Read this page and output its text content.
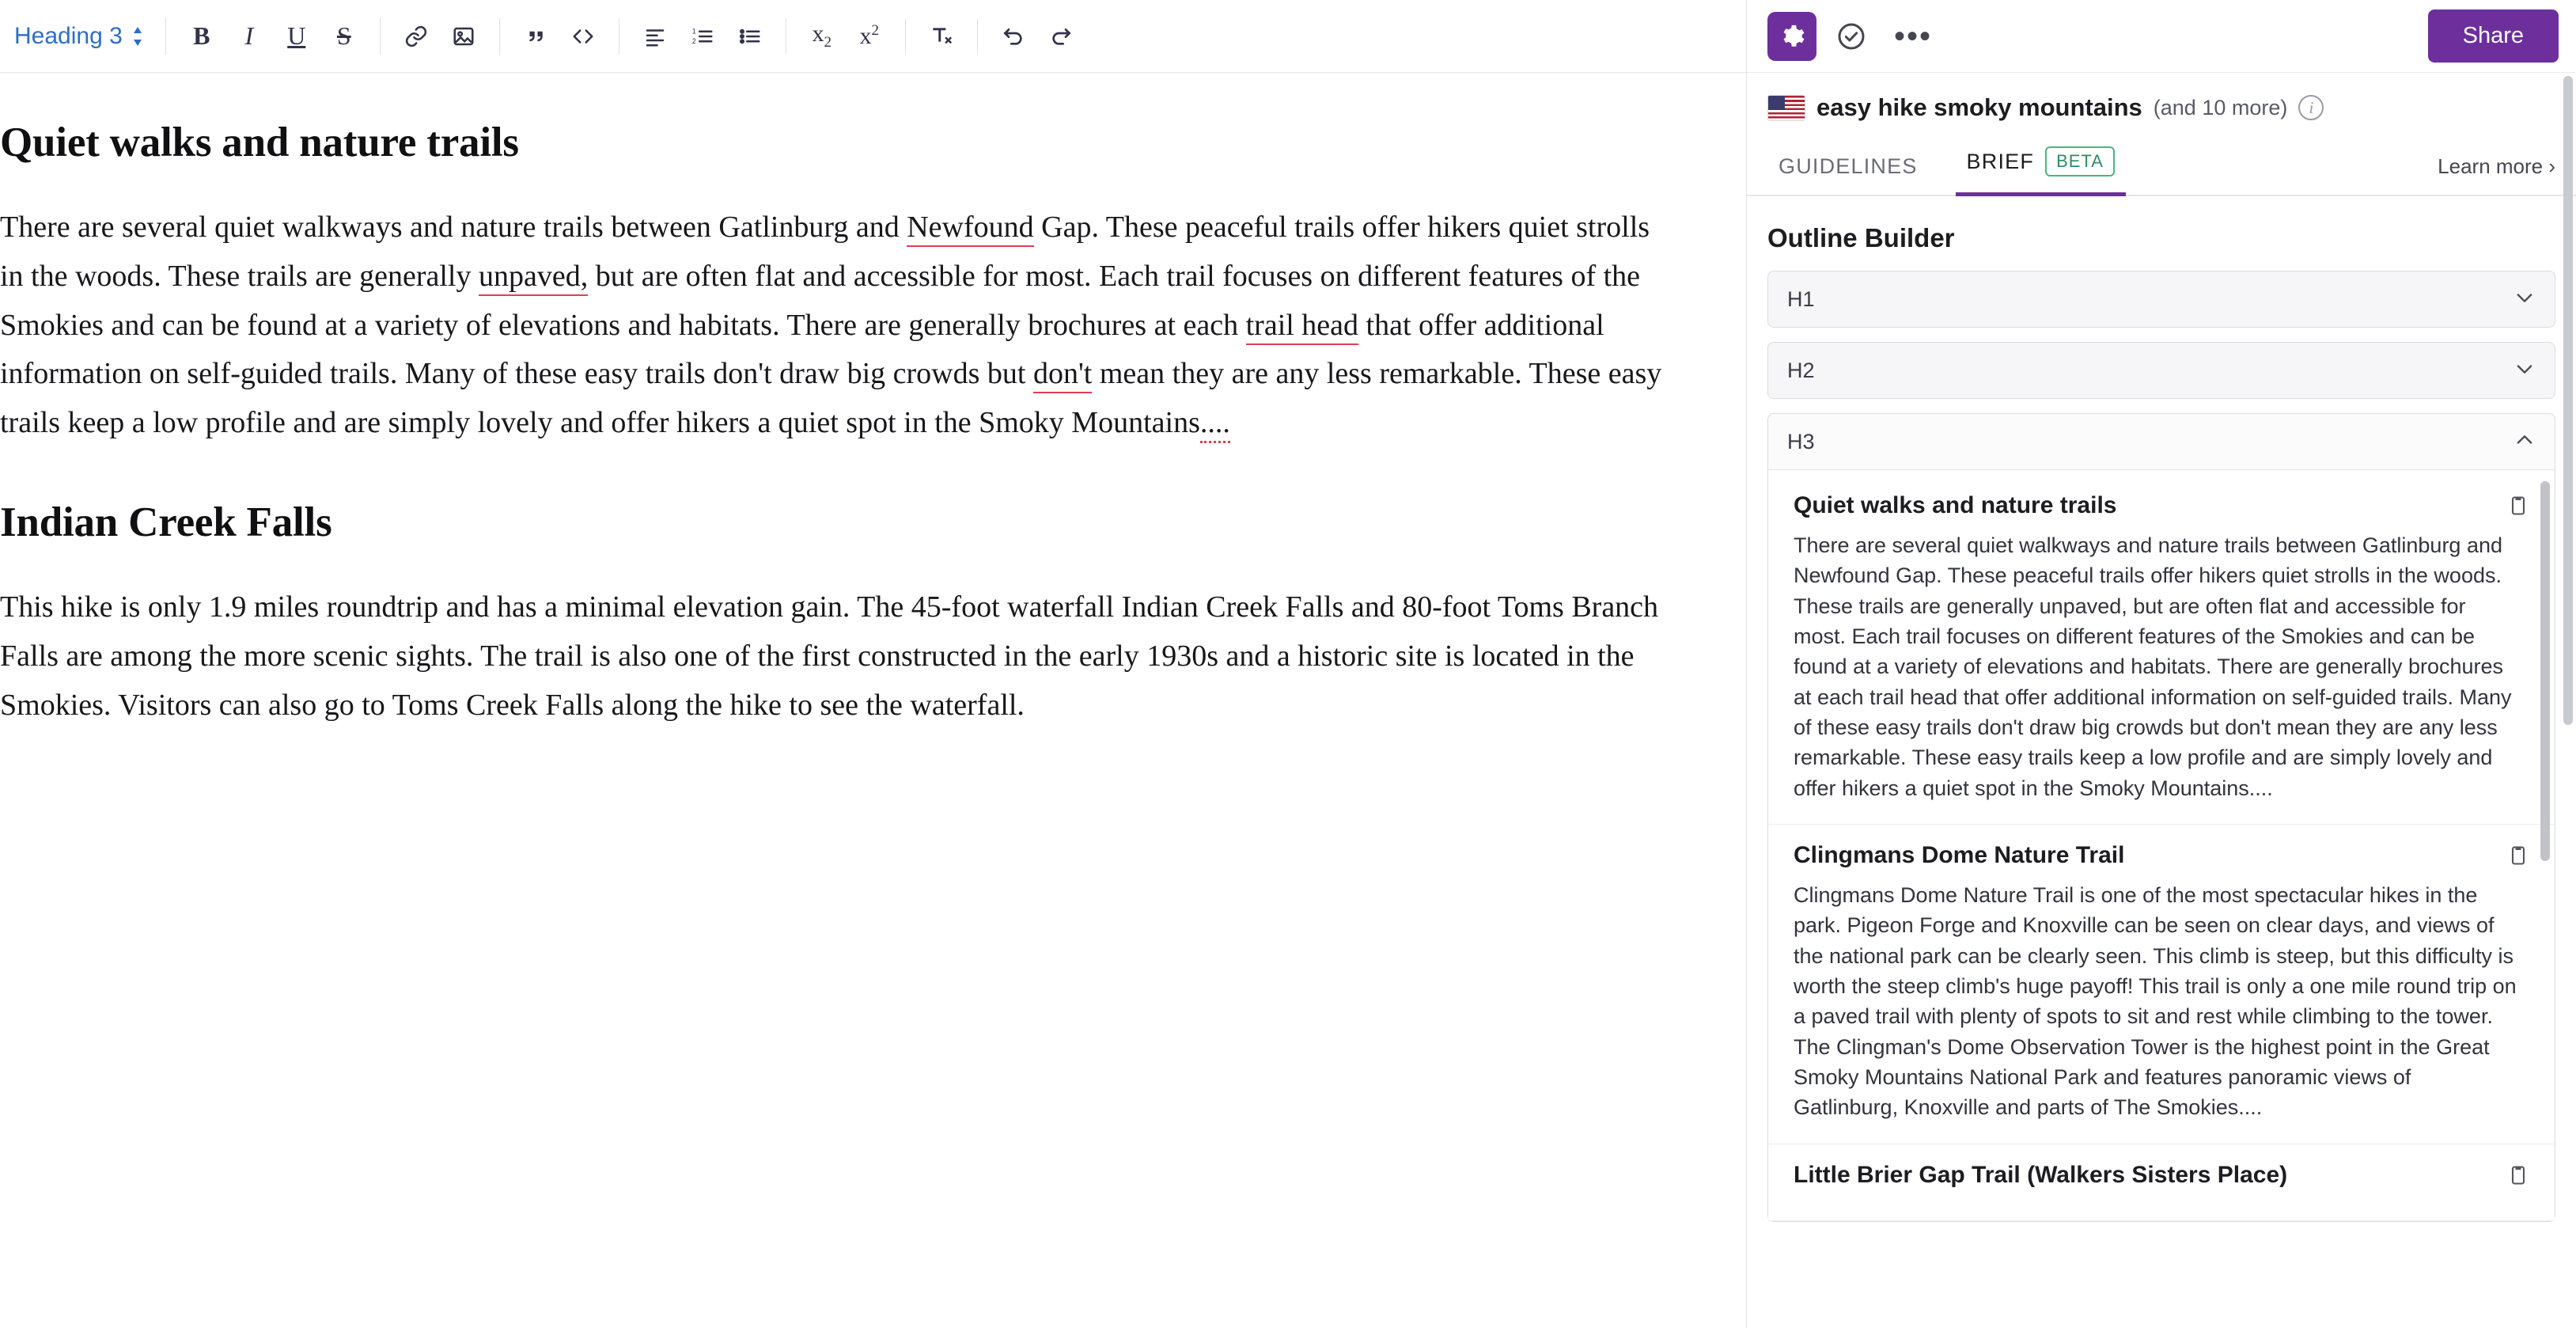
Heading 3	B I U S	1
2	$x_2$ $x^2$
Quiet walks and nature trails

There are several quiet walkways and nature trails between Gatlinburg and Newfound Gap. These peaceful trails offer hikers quiet strolls in the woods. These trails are generally unpaved, but are often flat and accessible for most. Each trail focuses on different features of the Smokies and can be found at a variety of elevations and habitats. There are generally brochures at each trail head that offer additional information on self-guided trails. Many of these easy trails don't draw big crowds but don't mean they are any less remarkable. These easy trails keep a low profile and are simply lovely and offer hikers a quiet spot in the Smoky Mountains....

Indian Creek Falls

This hike is only 1.9 miles roundtrip and has a minimal elevation gain. The 45-foot waterfall Indian Creek Falls and 80-foot Toms Branch Falls are among the more scenic sights. The trail is also one of the first constructed in the early 1930s and a historic site is located in the Smokies. Visitors can also go to Toms Creek Falls along the hike to see the waterfall.

•••	Share
easy hike smoky mountains (and 10 more)	i
GUIDELINES BRIEF	BETA	Learn more ›
Outline Builder
H1
H2
H3
Quiet walks and nature trails
There are several quiet walkways and nature trails between Gatlinburg and Newfound Gap. These peaceful trails offer hikers quiet strolls in the woods. These trails are generally unpaved, but are often flat and accessible for most. Each trail focuses on different features of the Smokies and can be found at a variety of elevations and habitats. There are generally brochures at each trail head that offer additional information on self-guided trails. Many of these easy trails don't draw big crowds but don't mean they are any less remarkable. These easy trails keep a low profile and are simply lovely and offer hikers a quiet spot in the Smoky Mountains....
Clingmans Dome Nature Trail
Clingmans Dome Nature Trail is one of the most spectacular hikes in the park. Pigeon Forge and Knoxville can be seen on clear days, and views of the national park can be clearly seen. This climb is steep, but this difficulty is worth the steep climb's huge payoff! This trail is only a one mile round trip on a paved trail with plenty of spots to sit and rest while climbing to the tower. The Clingman's Dome Observation Tower is the highest point in the Great Smoky Mountains National Park and features panoramic views of Gatlinburg, Knoxville and parts of The Smokies....
Little Brier Gap Trail (Walkers Sisters Place)
